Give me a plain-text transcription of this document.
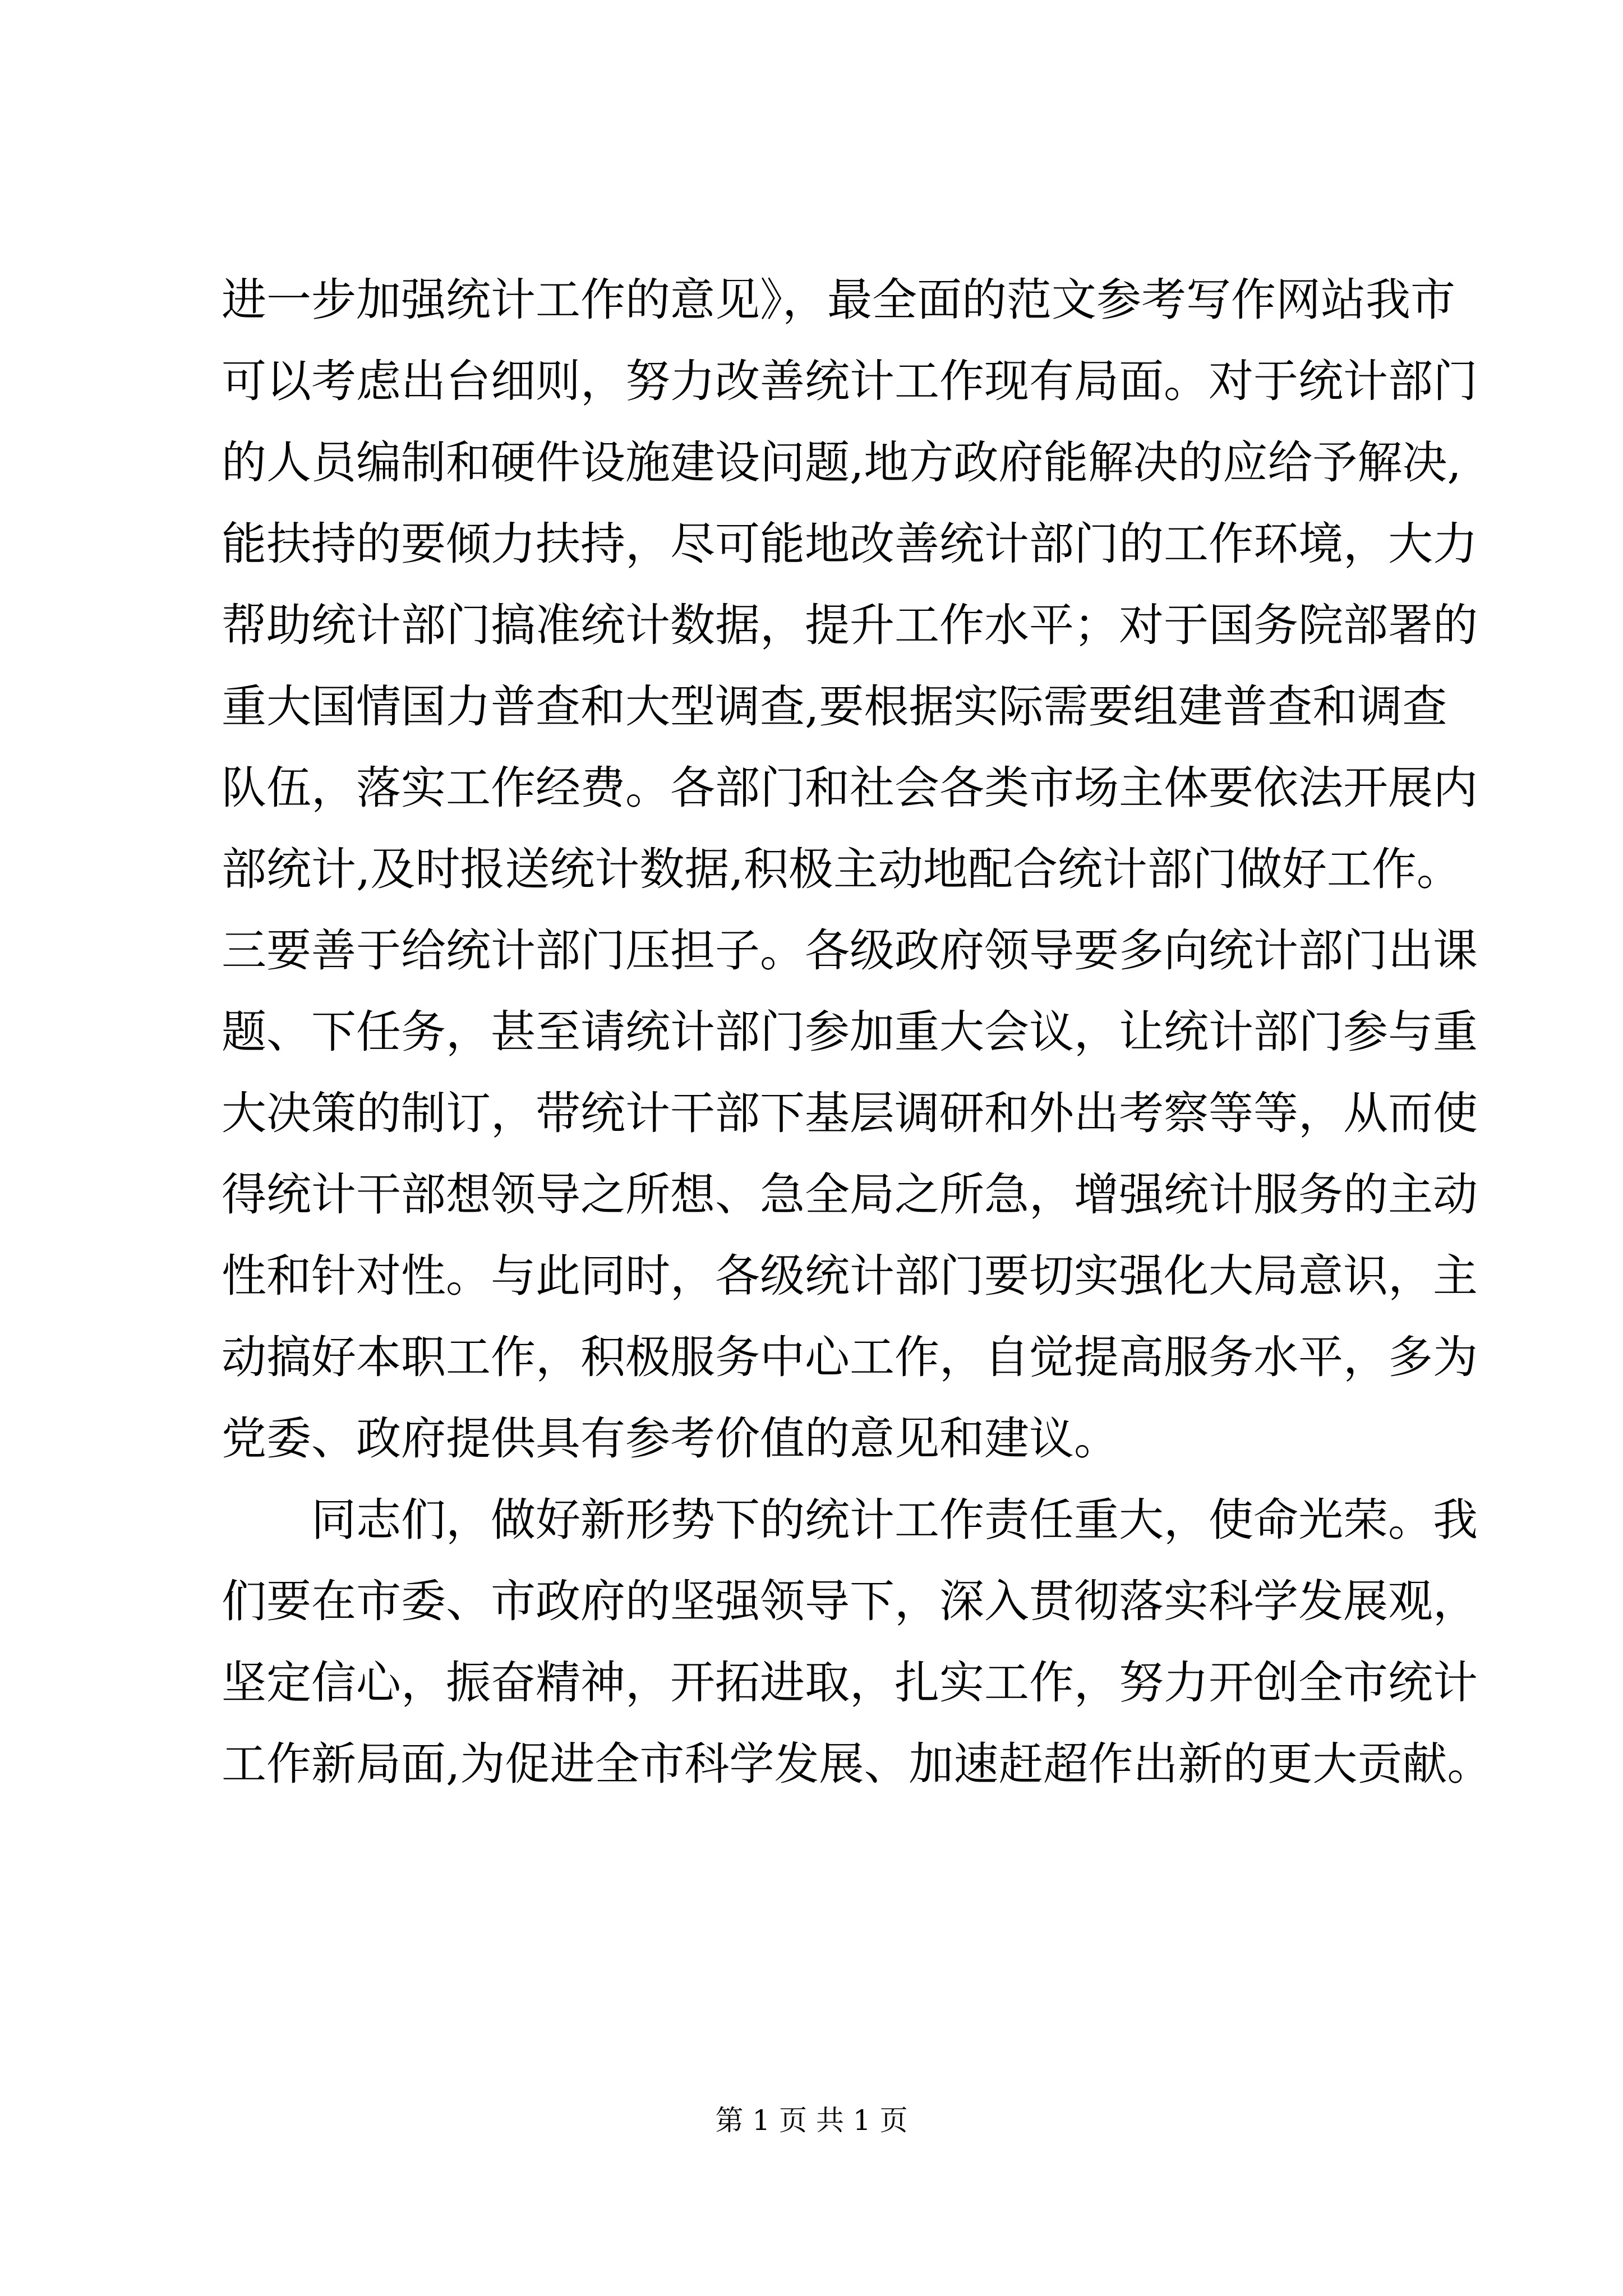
进一步加强统计工作的意见》，最全面的范文参考写作网站我市
可以考虑出台细则，努力改善统计工作现有局面。对于统计部门
的人员编制和硬件设施建设问题,地方政府能解决的应给予解决,
能扶持的要倾力扶持，尽可能地改善统计部门的工作环境，大力
帮助统计部门搞准统计数据，提升工作水平；对于国务院部署的
重大国情国力普查和大型调查,要根据实际需要组建普查和调查
队伍，落实工作经费。各部门和社会各类市场主体要依法开展内
部统计,及时报送统计数据,积极主动地配合统计部门做好工作。
三要善于给统计部门压担子。各级政府领导要多向统计部门出课
题、下任务，甚至请统计部门参加重大会议，让统计部门参与重
大决策的制订，带统计干部下基层调研和外出考察等等，从而使
得统计干部想领导之所想、急全局之所急，增强统计服务的主动
性和针对性。与此同时，各级统计部门要切实强化大局意识，主
动搞好本职工作，积极服务中心工作，自觉提高服务水平，多为
党委、政府提供具有参考价值的意见和建议。
同志们，做好新形势下的统计工作责任重大，使命光荣。我
们要在市委、市政府的坚强领导下，深入贯彻落实科学发展观，
坚定信心，振奋精神，开拓进取，扎实工作，努力开创全市统计
工作新局面,为促进全市科学发展、加速赶超作出新的更大贡献。
第 1 页 共 1 页
